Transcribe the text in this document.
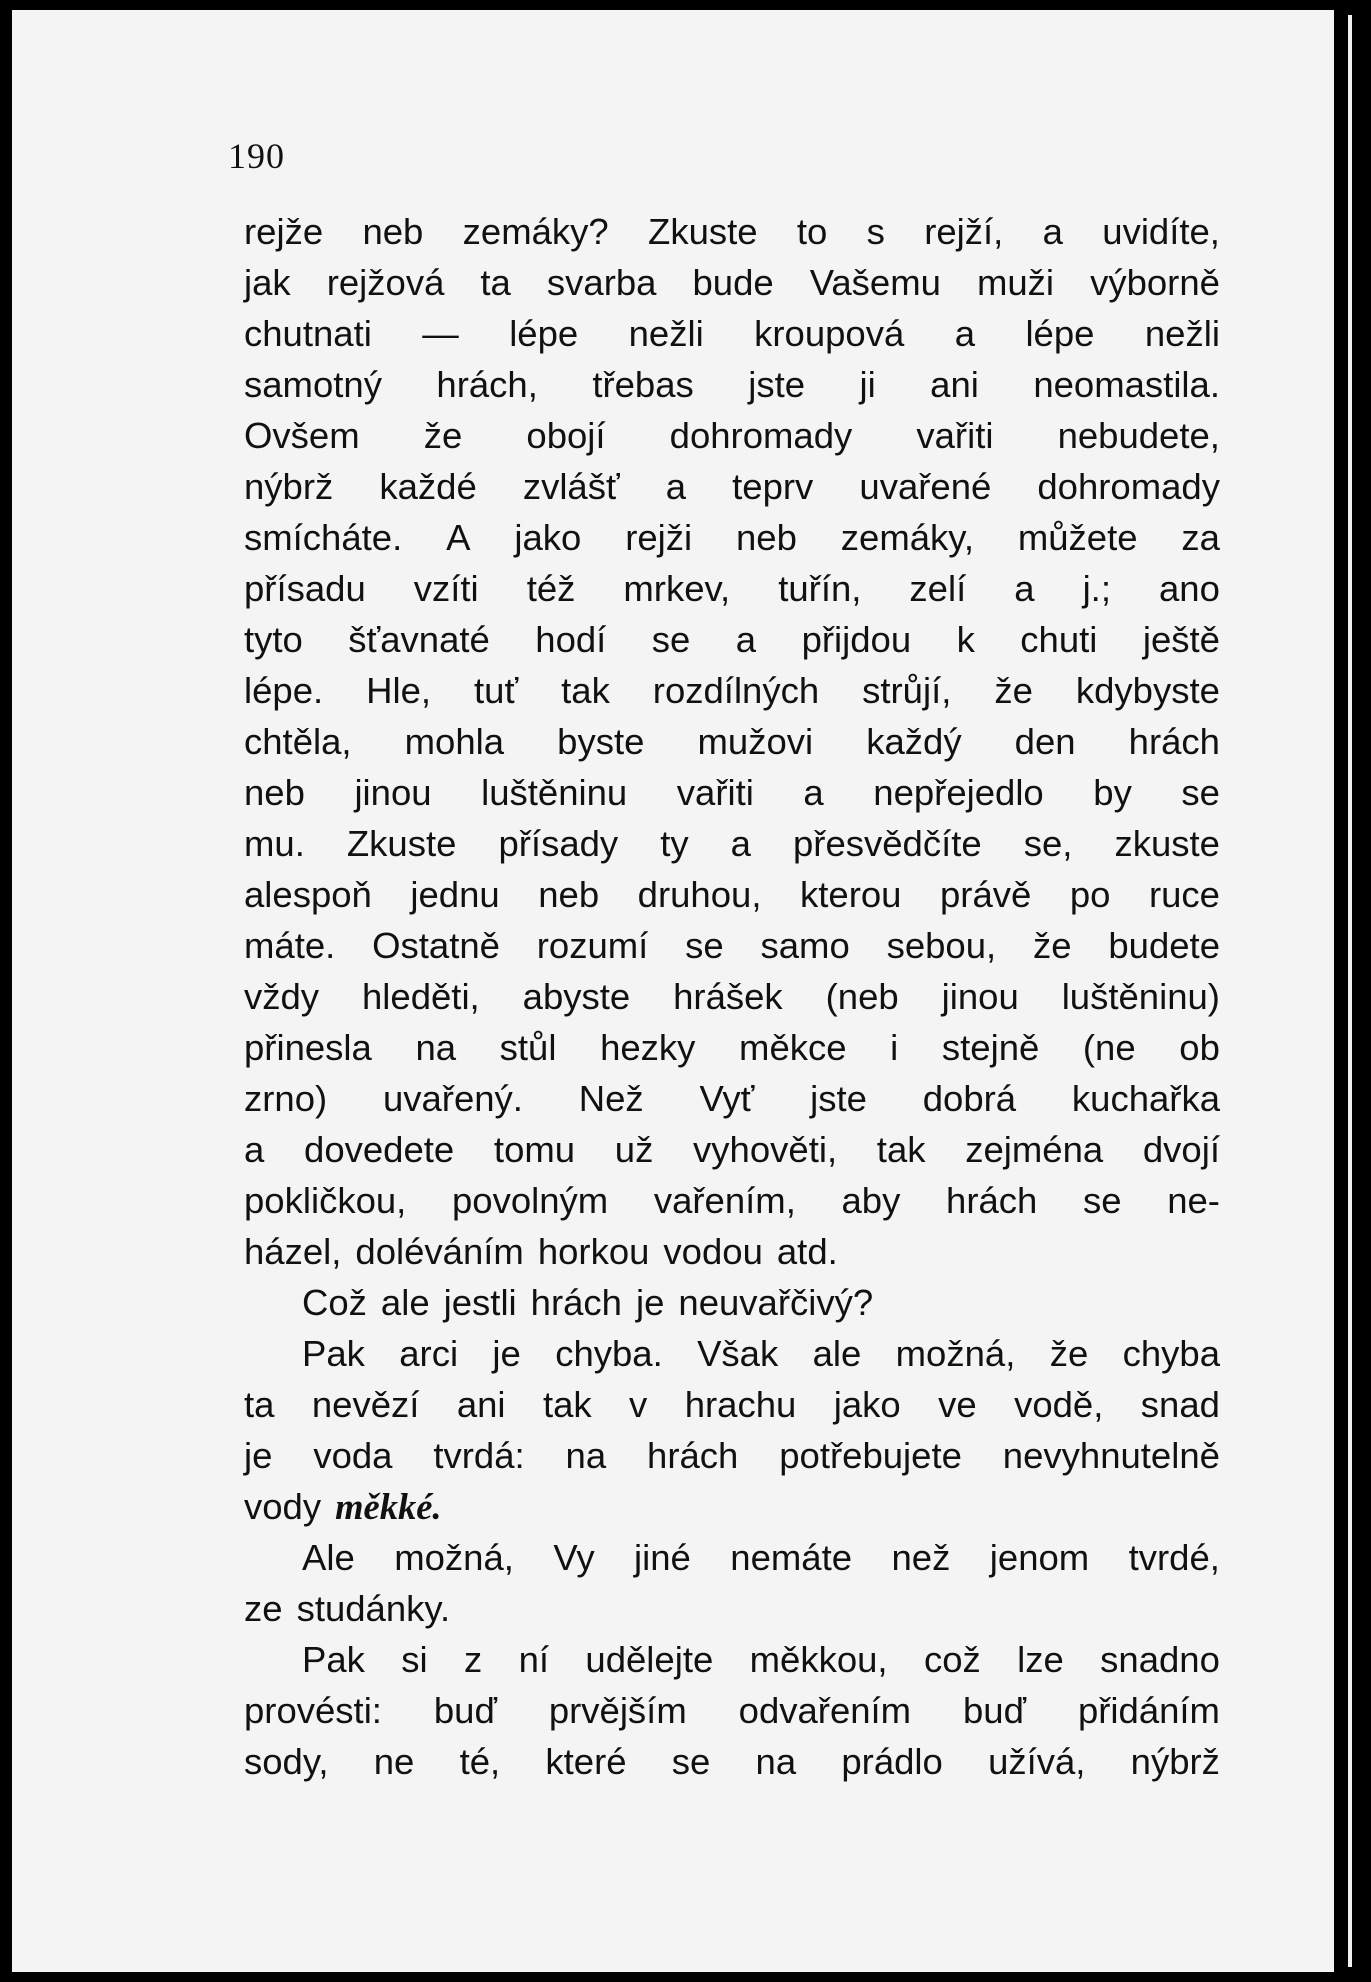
190
rejže neb zemáky? Zkuste to s rejží, a uvidíte,
jak rejžová ta svarba bude Vašemu muži výborně
chutnati — lépe nežli kroupová a lépe nežli
samotný hrách, třebas jste ji ani neomastila.
Ovšem že obojí dohromady vařiti nebudete,
nýbrž každé zvlášť a teprv uvařené dohromady
smícháte. A jako rejži neb zemáky, můžete za
přísadu vzíti též mrkev, tuřín, zelí a j.; ano
tyto šťavnaté hodí se a přijdou k chuti ještě
lépe. Hle, tuť tak rozdílných strůjí, že kdybyste
chtěla, mohla byste mužovi každý den hrách
neb jinou luštěninu vařiti a nepřejedlo by se
mu. Zkuste přísady ty a přesvědčíte se, zkuste
alespoň jednu neb druhou, kterou právě po ruce
máte. Ostatně rozumí se samo sebou, že budete
vždy hleděti, abyste hrášek (neb jinou luštěninu)
přinesla na stůl hezky měkce i stejně (ne ob
zrno) uvařený. Než Vyť jste dobrá kuchařka
a dovedete tomu už vyhověti, tak zejména dvojí
pokličkou, povolným vařením, aby hrách se ne-
házel, doléváním horkou vodou atd.
Což ale jestli hrách je neuvařčivý?
Pak arci je chyba. Však ale možná, že chyba
ta nevězí ani tak v hrachu jako ve vodě, snad
je voda tvrdá: na hrách potřebujete nevyhnutelně
vody měkké.
Ale možná, Vy jiné nemáte než jenom tvrdé,
ze studánky.
Pak si z ní udělejte měkkou, což lze snadno
provésti: buď prvějším odvařením buď přidáním
sody, ne té, které se na prádlo užívá, nýbrž
